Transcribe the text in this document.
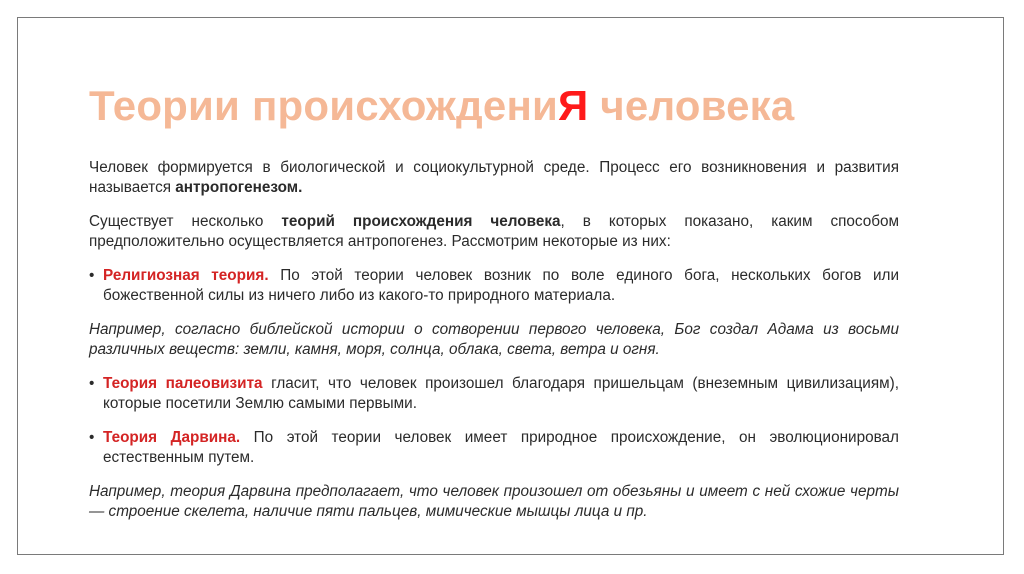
Теории происхождениЯ человека

Человек формируется в биологической и социокультурной среде. Процесс его возникновения и развития называется антропогенезом.

Существует несколько теорий происхождения человека, в которых показано, каким способом предположительно осуществляется антропогенез. Рассмотрим некоторые из них:

• Религиозная теория. По этой теории человек возник по воле единого бога, нескольких богов или божественной силы из ничего либо из какого-то природного материала.

Например, согласно библейской истории о сотворении первого человека, Бог создал Адама из восьми различных веществ: земли, камня, моря, солнца, облака, света, ветра и огня.

• Теория палеовизита гласит, что человек произошел благодаря пришельцам (внеземным цивилизациям), которые посетили Землю самыми первыми.
• Теория Дарвина. По этой теории человек имеет природное происхождение, он эволюционировал естественным путем.

Например, теория Дарвина предполагает, что человек произошел от обезьяны и имеет с ней схожие черты — строение скелета, наличие пяти пальцев, мимические мышцы лица и пр.
